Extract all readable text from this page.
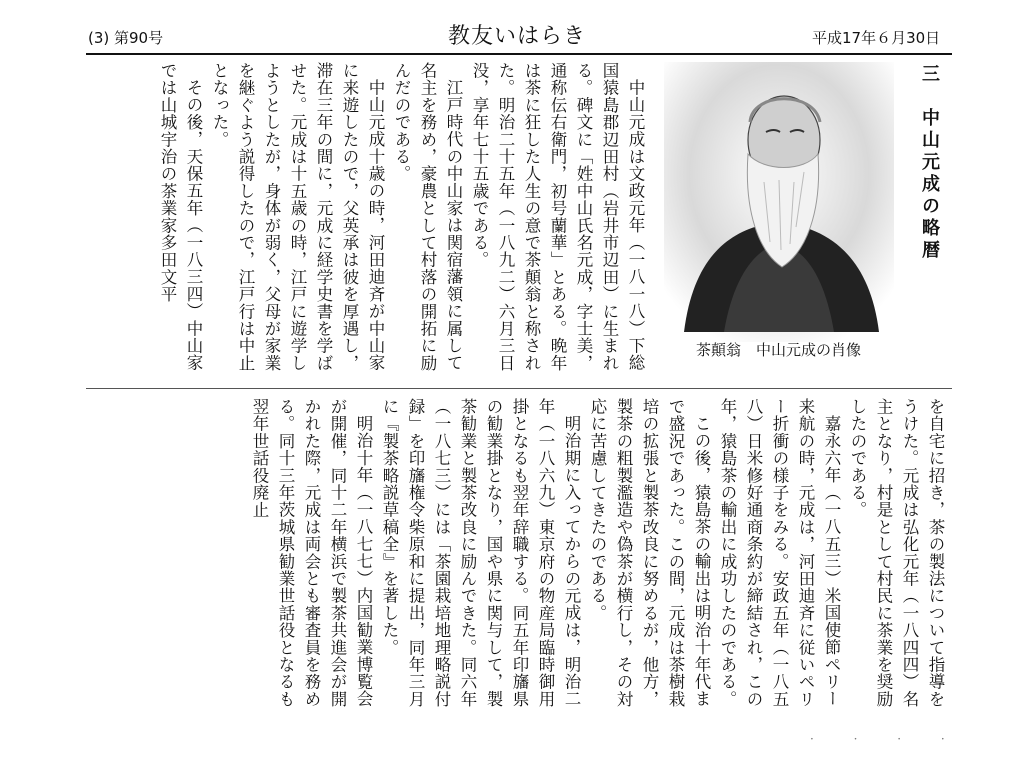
(3) 第90号	教友いはらき	平成17年６月30日
三　中山元成の略暦
茶顛翁　中山元成の肖像

中山元成は文政元年（一八一八）下総国猿島郡辺田村（岩井市辺田）に生まれる。碑文に「姓中山氏名元成，字士美，通称伝右衛門，初号蘭華」とある。晩年は茶に狂した人生の意で茶顛翁と称された。明治二十五年（一八九二）六月三日没，享年七十五歳である。

江戸時代の中山家は関宿藩領に属して名主を務め，豪農として村落の開拓に励んだのである。

中山元成十歳の時，河田迪斉が中山家に来遊したので，父英承は彼を厚遇し，滞在三年の間に，元成に経学史書を学ばせた。元成は十五歳の時，江戸に遊学しようとしたが，身体が弱く，父母が家業を継ぐよう説得したので，江戸行は中止となった。

その後，天保五年（一八三四）中山家では山城宇治の茶業家多田文平

を自宅に招き，茶の製法について指導をうけた。元成は弘化元年（一八四四）名主となり，村是として村民に茶業を奨励したのである。

嘉永六年（一八五三）米国使節ペリー来航の時，元成は，河田迪斉に従いペリー折衝の様子をみる。安政五年（一八五八）日米修好通商条約が締結され，この年，猿島茶の輸出に成功したのである。

この後，猿島茶の輸出は明治十年代まで盛況であった。この間，元成は茶樹栽培の拡張と製茶改良に努めるが，他方，製茶の粗製濫造や偽茶が横行し，その対応に苦慮してきたのである。

明治期に入ってからの元成は，明治二年（一八六九）東京府の物産局臨時御用掛となるも翌年辞職する。同五年印旛県の勧業掛となり，国や県に関与して，製茶勧業と製茶改良に励んできた。同六年（一八七三）には「茶園栽培地理略説付録」を印旛権令柴原和に提出，同年三月に『製茶略説草稿全』を著した。

明治十年（一八七七）内国勧業博覧会が開催，同十二年横浜で製茶共進会が開かれた際，元成は両会とも審査員を務める。同十三年茨城県勧業世話役となるも翌年世話役廃止

· · · ·
